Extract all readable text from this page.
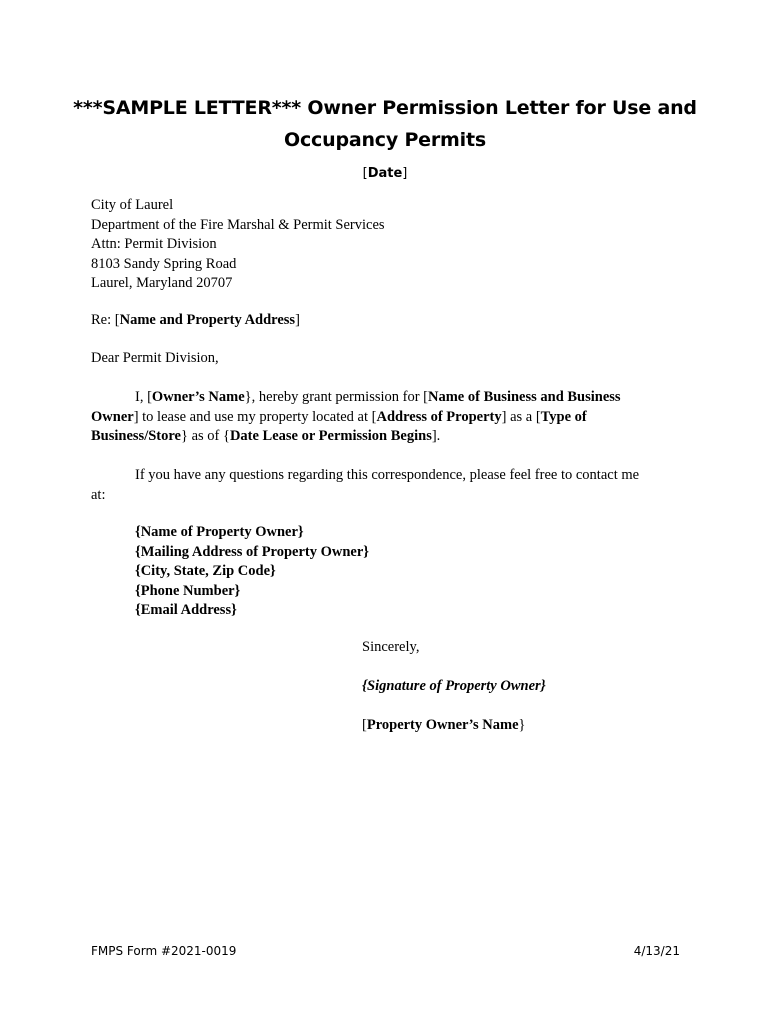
***SAMPLE LETTER*** Owner Permission Letter for Use and
Occupancy Permits
[Date]
City of Laurel
Department of the Fire Marshal & Permit Services
Attn: Permit Division
8103 Sandy Spring Road
Laurel, Maryland 20707
Re: [Name and Property Address]
Dear Permit Division,
I, [Owner’s Name}, hereby grant permission for [Name of Business and Business
Owner] to lease and use my property located at [Address of Property] as a [Type of
Business/Store} as of {Date Lease or Permission Begins].
If you have any questions regarding this correspondence, please feel free to contact me
at:
{Name of Property Owner}
{Mailing Address of Property Owner}
{City, State, Zip Code}
{Phone Number}
{Email Address}
Sincerely,
{Signature of Property Owner}
[Property Owner’s Name}
FMPS Form #2021-0019	4/13/21
